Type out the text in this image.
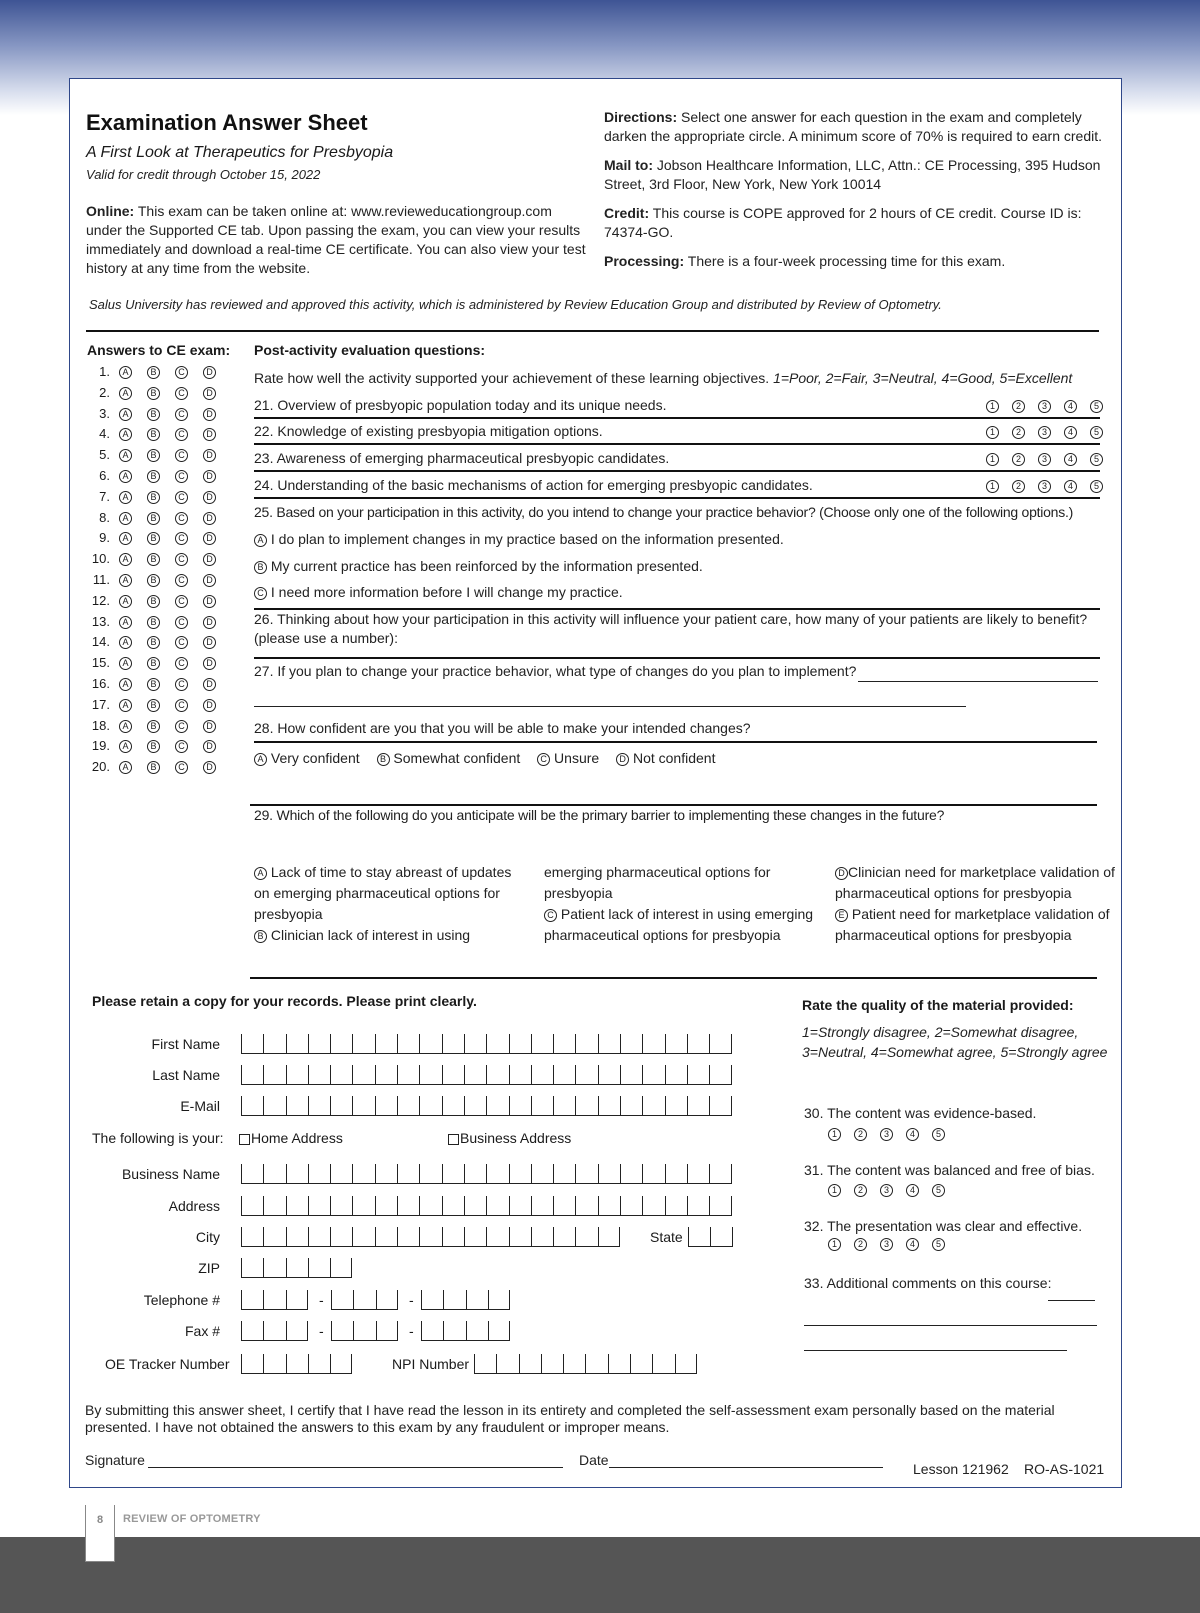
Examination Answer Sheet
A First Look at Therapeutics for Presbyopia
Valid for credit through October 15, 2022
Online: This exam can be taken online at: www.revieweducationgroup.com
under the Supported CE tab. Upon passing the exam, you can view your results
immediately and download a real-time CE certificate. You can also view your test
history at any time from the website.
Directions: Select one answer for each question in the exam and completely
darken the appropriate circle. A minimum score of 70% is required to earn credit.
Mail to: Jobson Healthcare Information, LLC, Attn.: CE Processing, 395 Hudson
Street, 3rd Floor, New York, New York 10014
Credit: This course is COPE approved for 2 hours of CE credit. Course ID is:
74374-GO.
Processing: There is a four-week processing time for this exam.
Salus University has reviewed and approved this activity, which is administered by Review Education Group and distributed by Review of Optometry.
Answers to CE exam:
1. A B C D
2. A B C D
3. A B C D
4. A B C D
5. A B C D
6. A B C D
7. A B C D
8. A B C D
9. A B C D
10. A B C D
11. A B C D
12. A B C D
13. A B C D
14. A B C D
15. A B C D
16. A B C D
17. A B C D
18. A B C D
19. A B C D
20. A B C D
Post-activity evaluation questions:
Rate how well the activity supported your achievement of these learning objectives. 1=Poor, 2=Fair, 3=Neutral, 4=Good, 5=Excellent
21. Overview of presbyopic population today and its unique needs.	1 2 3 4 5
22. Knowledge of existing presbyopia mitigation options.	1 2 3 4 5
23. Awareness of emerging pharmaceutical presbyopic candidates.	1 2 3 4 5
24. Understanding of the basic mechanisms of action for emerging presbyopic candidates.	1 2 3 4 5
25. Based on your participation in this activity, do you intend to change your practice behavior? (Choose only one of the following options.)
A I do plan to implement changes in my practice based on the information presented.
B My current practice has been reinforced by the information presented.
C I need more information before I will change my practice.
26. Thinking about how your participation in this activity will influence your patient care, how many of your patients are likely to benefit?
(please use a number):
27. If you plan to change your practice behavior, what type of changes do you plan to implement?
28. How confident are you that you will be able to make your intended changes?
A Very confident B Somewhat confident C Unsure D Not confident
29. Which of the following do you anticipate will be the primary barrier to implementing these changes in the future?
A Lack of time to stay abreast of updates
on emerging pharmaceutical options for
presbyopia
B Clinician lack of interest in using
emerging pharmaceutical options for
presbyopia
C Patient lack of interest in using emerging
pharmaceutical options for presbyopia
D Clinician need for marketplace validation of
pharmaceutical options for presbyopia
E Patient need for marketplace validation of
pharmaceutical options for presbyopia
Please retain a copy for your records. Please print clearly.
First Name
Last Name
E-Mail
The following is your:	Home Address	Business Address
Business Name
Address
City	State
ZIP
Telephone #	-	-
Fax #	-	-
OE Tracker Number	NPI Number
Rate the quality of the material provided:
1=Strongly disagree, 2=Somewhat disagree,
3=Neutral, 4=Somewhat agree, 5=Strongly agree
30. The content was evidence-based.
1 2 3 4 5
31. The content was balanced and free of bias.
1 2 3 4 5
32. The presentation was clear and effective.
1 2 3 4 5
33. Additional comments on this course:
By submitting this answer sheet, I certify that I have read the lesson in its entirety and completed the self-assessment exam personally based on the material
presented. I have not obtained the answers to this exam by any fraudulent or improper means.
Signature	Date
Lesson 121962 RO-AS-1021
8	REVIEW OF OPTOMETRY
